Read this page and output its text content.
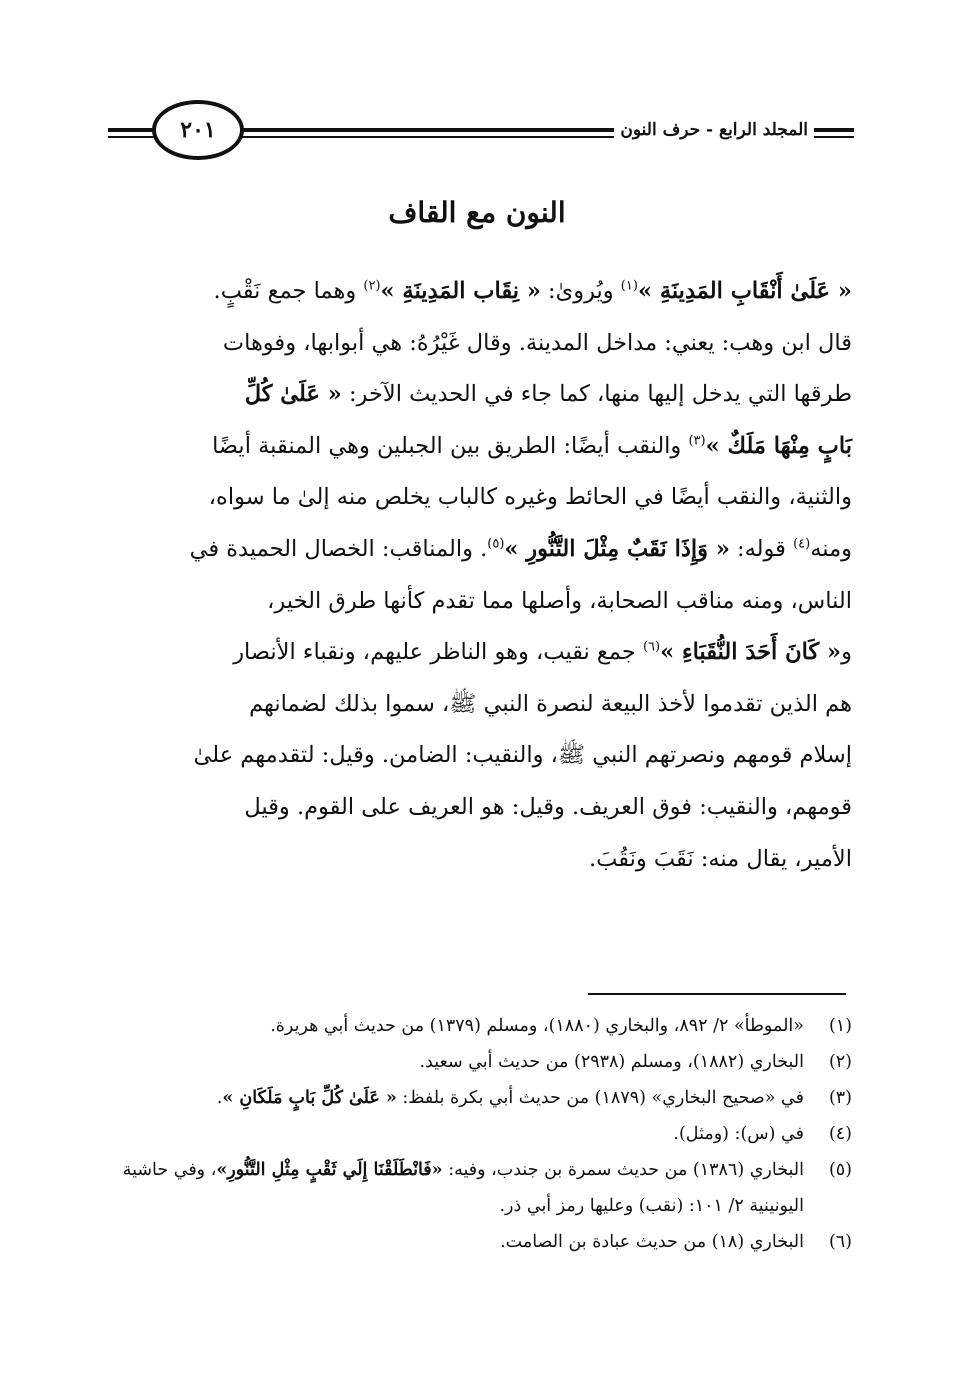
٢٠١	المجلد الرابع - حرف النون
النون مع القاف

« عَلَىٰ أَنْقَابِ المَدِينَةِ »$^{(١)}$ ويُروىٰ: « نِقَاب المَدِينَةِ »$^{(٢)}$ وهما جمع نَقْبٍ.

قال ابن وهب: يعني: مداخل المدينة. وقال غَيْرُهُ: هي أبوابها، وفوهات

طرقها التي يدخل إليها منها، كما جاء في الحديث الآخر: « عَلَىٰ كُلِّ

بَابٍ مِنْهَا مَلَكٌ »$^{(٣)}$ والنقب أيضًا: الطريق بين الجبلين وهي المنقبة أيضًا

والثنية، والنقب أيضًا في الحائط وغيره كالباب يخلص منه إلىٰ ما سواه،

ومنه$^{(٤)}$ قوله: « وَإِذَا نَقَبٌ مِثْلَ التَّنُّورِ »$^{(٥)}$. والمناقب: الخصال الحميدة في

الناس، ومنه مناقب الصحابة، وأصلها مما تقدم كأنها طرق الخير،

و« كَانَ أَحَدَ النُّقَبَاءِ »$^{(٦)}$ جمع نقيب، وهو الناظر عليهم، ونقباء الأنصار

هم الذين تقدموا لأخذ البيعة لنصرة النبي ﷺ، سموا بذلك لضمانهم

إسلام قومهم ونصرتهم النبي ﷺ، والنقيب: الضامن. وقيل: لتقدمهم علىٰ

قومهم، والنقيب: فوق العريف. وقيل: هو العريف على القوم. وقيل

الأمير، يقال منه: نَقَبَ ونَقُبَ.

(١)
«الموطأ» ٢/ ٨٩٢، والبخاري (١٨٨٠)، ومسلم (١٣٧٩) من حديث أبي هريرة.
(٢)
البخاري (١٨٨٢)، ومسلم (٢٩٣٨) من حديث أبي سعيد.
(٣)
في «صحيح البخاري» (١٨٧٩) من حديث أبي بكرة بلفظ: « عَلَىٰ كُلِّ بَابٍ مَلَكَانِ ».
(٤)
في (س): (ومثل).
(٥)
البخاري (١٣٨٦) من حديث سمرة بن جندب، وفيه: «فَانْطَلَقْنَا إِلَي ثَقْبٍ مِثْلِ التَّنُّورِ»، وفي حاشية اليونينية ٢/ ١٠١: (نقب) وعليها رمز أبي ذر.
(٦)
البخاري (١٨) من حديث عبادة بن الصامت.
